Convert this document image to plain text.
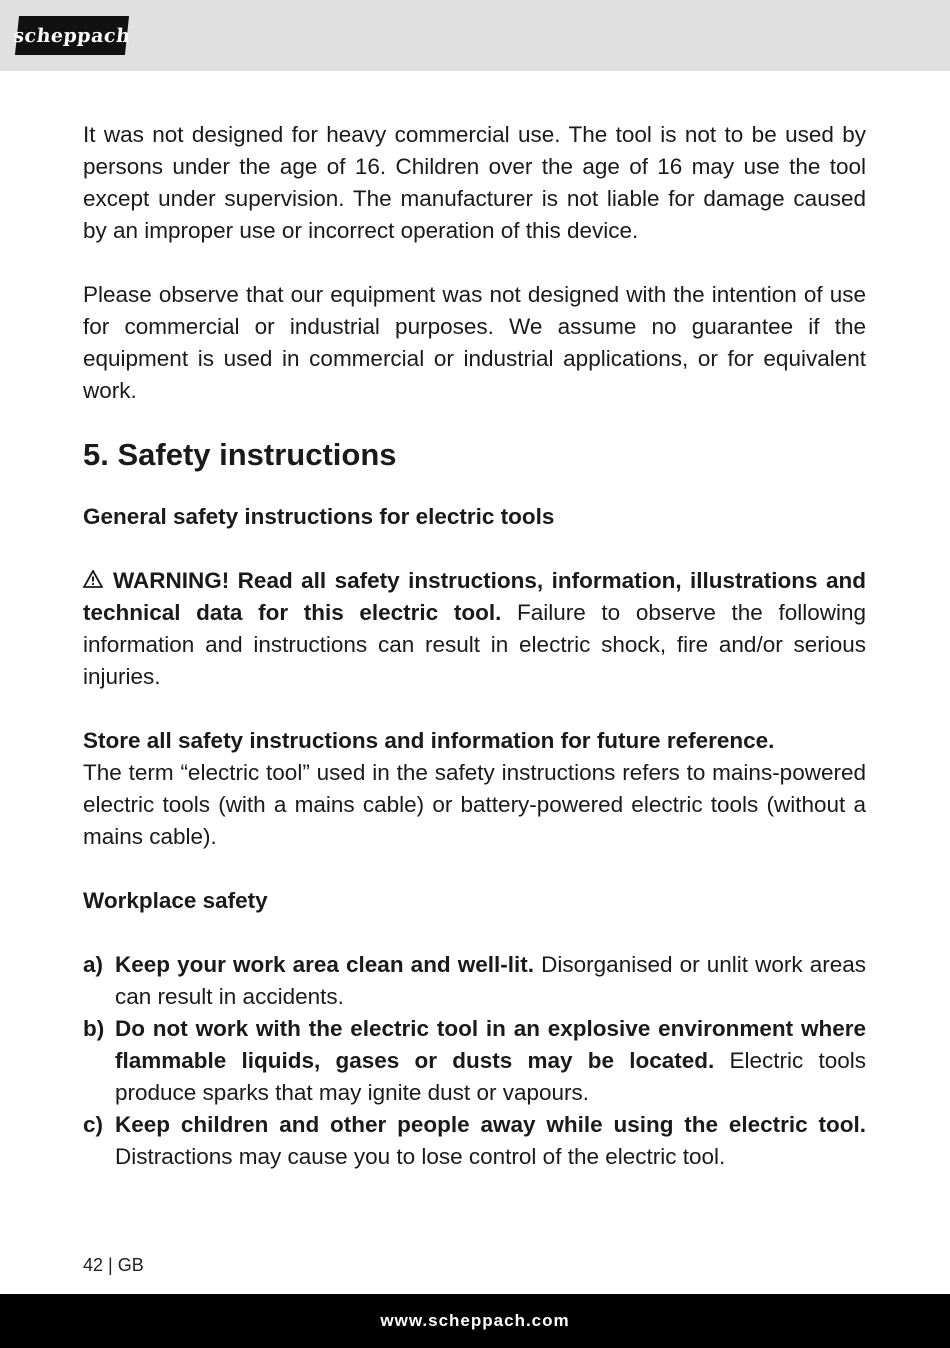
scheppach

It was not designed for heavy commercial use. The tool is not to be used by persons under the age of 16. Children over the age of 16 may use the tool except under supervision. The manufacturer is not liable for damage caused by an improper use or incorrect operation of this device.

Please observe that our equipment was not designed with the intention of use for commercial or industrial purposes. We assume no guarantee if the equipment is used in commercial or industrial applications, or for equivalent work.

5. Safety instructions

General safety instructions for electric tools

WARNING! Read all safety instructions, information, illustrations and technical data for this electric tool. Failure to observe the following information and instructions can result in electric shock, fire and/or serious injuries.

Store all safety instructions and information for future reference.
The term “electric tool” used in the safety instructions refers to mains-powered electric tools (with a mains cable) or battery-powered electric tools (without a mains cable).

Workplace safety

a) Keep your work area clean and well-lit. Disorganised or unlit work areas can result in accidents.
b) Do not work with the electric tool in an explosive environment where flammable liquids, gases or dusts may be located. Electric tools produce sparks that may ignite dust or vapours.
c) Keep children and other people away while using the electric tool. Distractions may cause you to lose control of the electric tool.
42 | GB
www.scheppach.com
